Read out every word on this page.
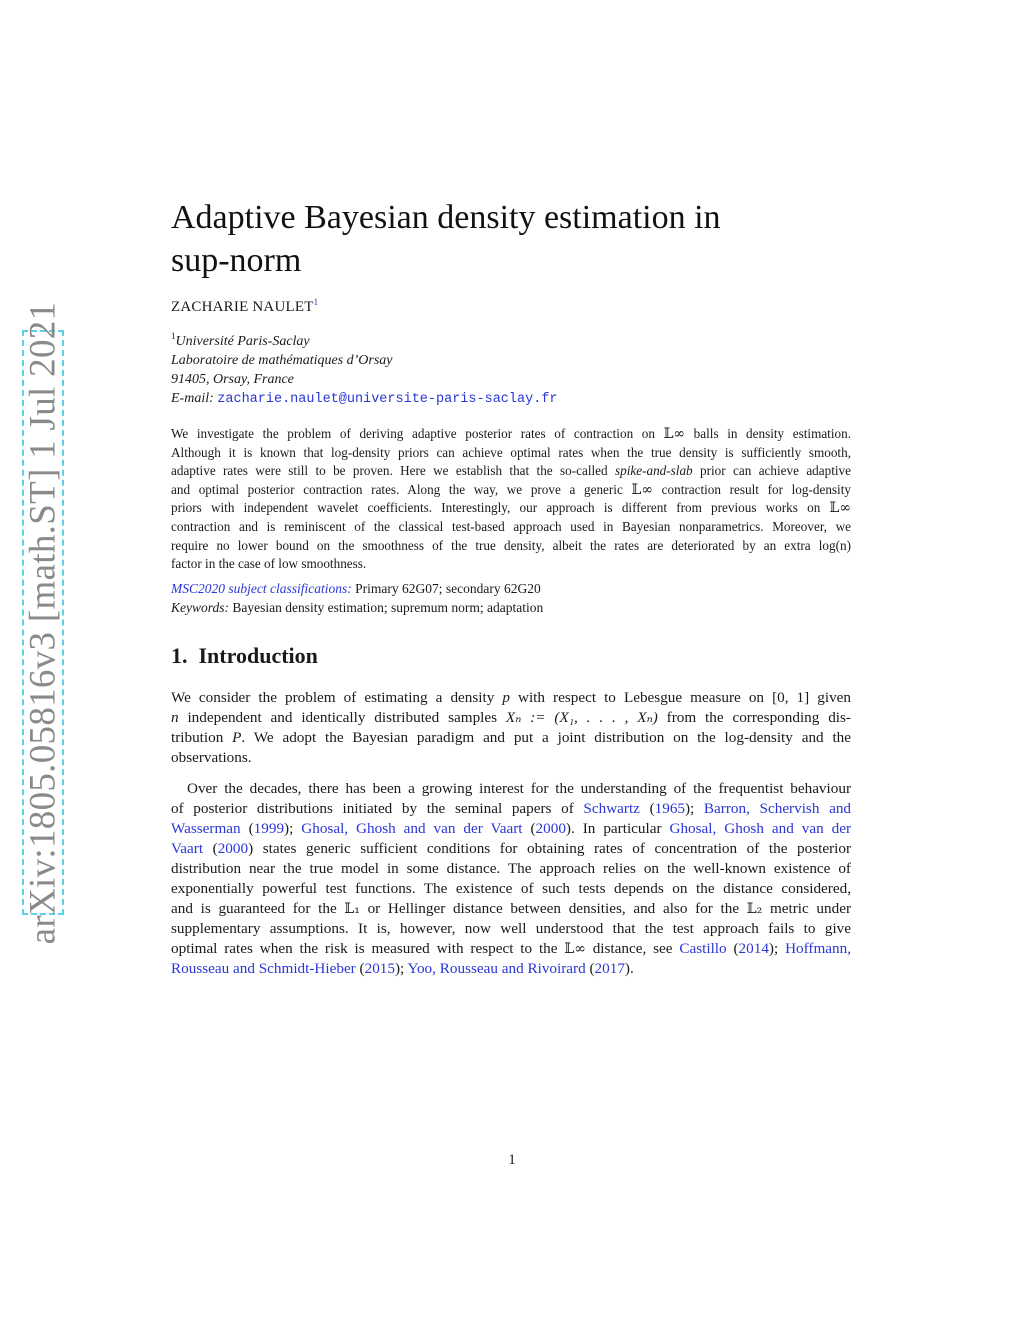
arXiv:1805.05816v3 [math.ST] 1 Jul 2021
Adaptive Bayesian density estimation in
sup-norm
ZACHARIE NAULET$^1$
$^1$Université Paris-Saclay
Laboratoire de mathématiques d’Orsay
91405, Orsay, France
E-mail: zacharie.naulet@universite-paris-saclay.fr
We investigate the problem of deriving adaptive posterior rates of contraction on 𝕃∞ balls in density estimation.
Although it is known that log-density priors can achieve optimal rates when the true density is sufficiently smooth,
adaptive rates were still to be proven. Here we establish that the so-called spike-and-slab prior can achieve adaptive
and optimal posterior contraction rates. Along the way, we prove a generic 𝕃∞ contraction result for log-density
priors with independent wavelet coefficients. Interestingly, our approach is different from previous works on 𝕃∞
contraction and is reminiscent of the classical test-based approach used in Bayesian nonparametrics. Moreover, we
require no lower bound on the smoothness of the true density, albeit the rates are deteriorated by an extra log(n)
factor in the case of low smoothness.
MSC2020 subject classifications: Primary 62G07; secondary 62G20
Keywords: Bayesian density estimation; supremum norm; adaptation
1. Introduction
We consider the problem of estimating a density p with respect to Lebesgue measure on [0, 1] given
n independent and identically distributed samples Xₙ := (X₁, . . . , Xₙ) from the corresponding dis-
tribution P. We adopt the Bayesian paradigm and put a joint distribution on the log-density and the
observations.
Over the decades, there has been a growing interest for the understanding of the frequentist behaviour
of posterior distributions initiated by the seminal papers of Schwartz (1965); Barron, Schervish and
Wasserman (1999); Ghosal, Ghosh and van der Vaart (2000). In particular Ghosal, Ghosh and van der
Vaart (2000) states generic sufficient conditions for obtaining rates of concentration of the posterior
distribution near the true model in some distance. The approach relies on the well-known existence of
exponentially powerful test functions. The existence of such tests depends on the distance considered,
and is guaranteed for the 𝕃₁ or Hellinger distance between densities, and also for the 𝕃₂ metric under
supplementary assumptions. It is, however, now well understood that the test approach fails to give
optimal rates when the risk is measured with respect to the 𝕃∞ distance, see Castillo (2014); Hoffmann,
Rousseau and Schmidt-Hieber (2015); Yoo, Rousseau and Rivoirard (2017).
1
